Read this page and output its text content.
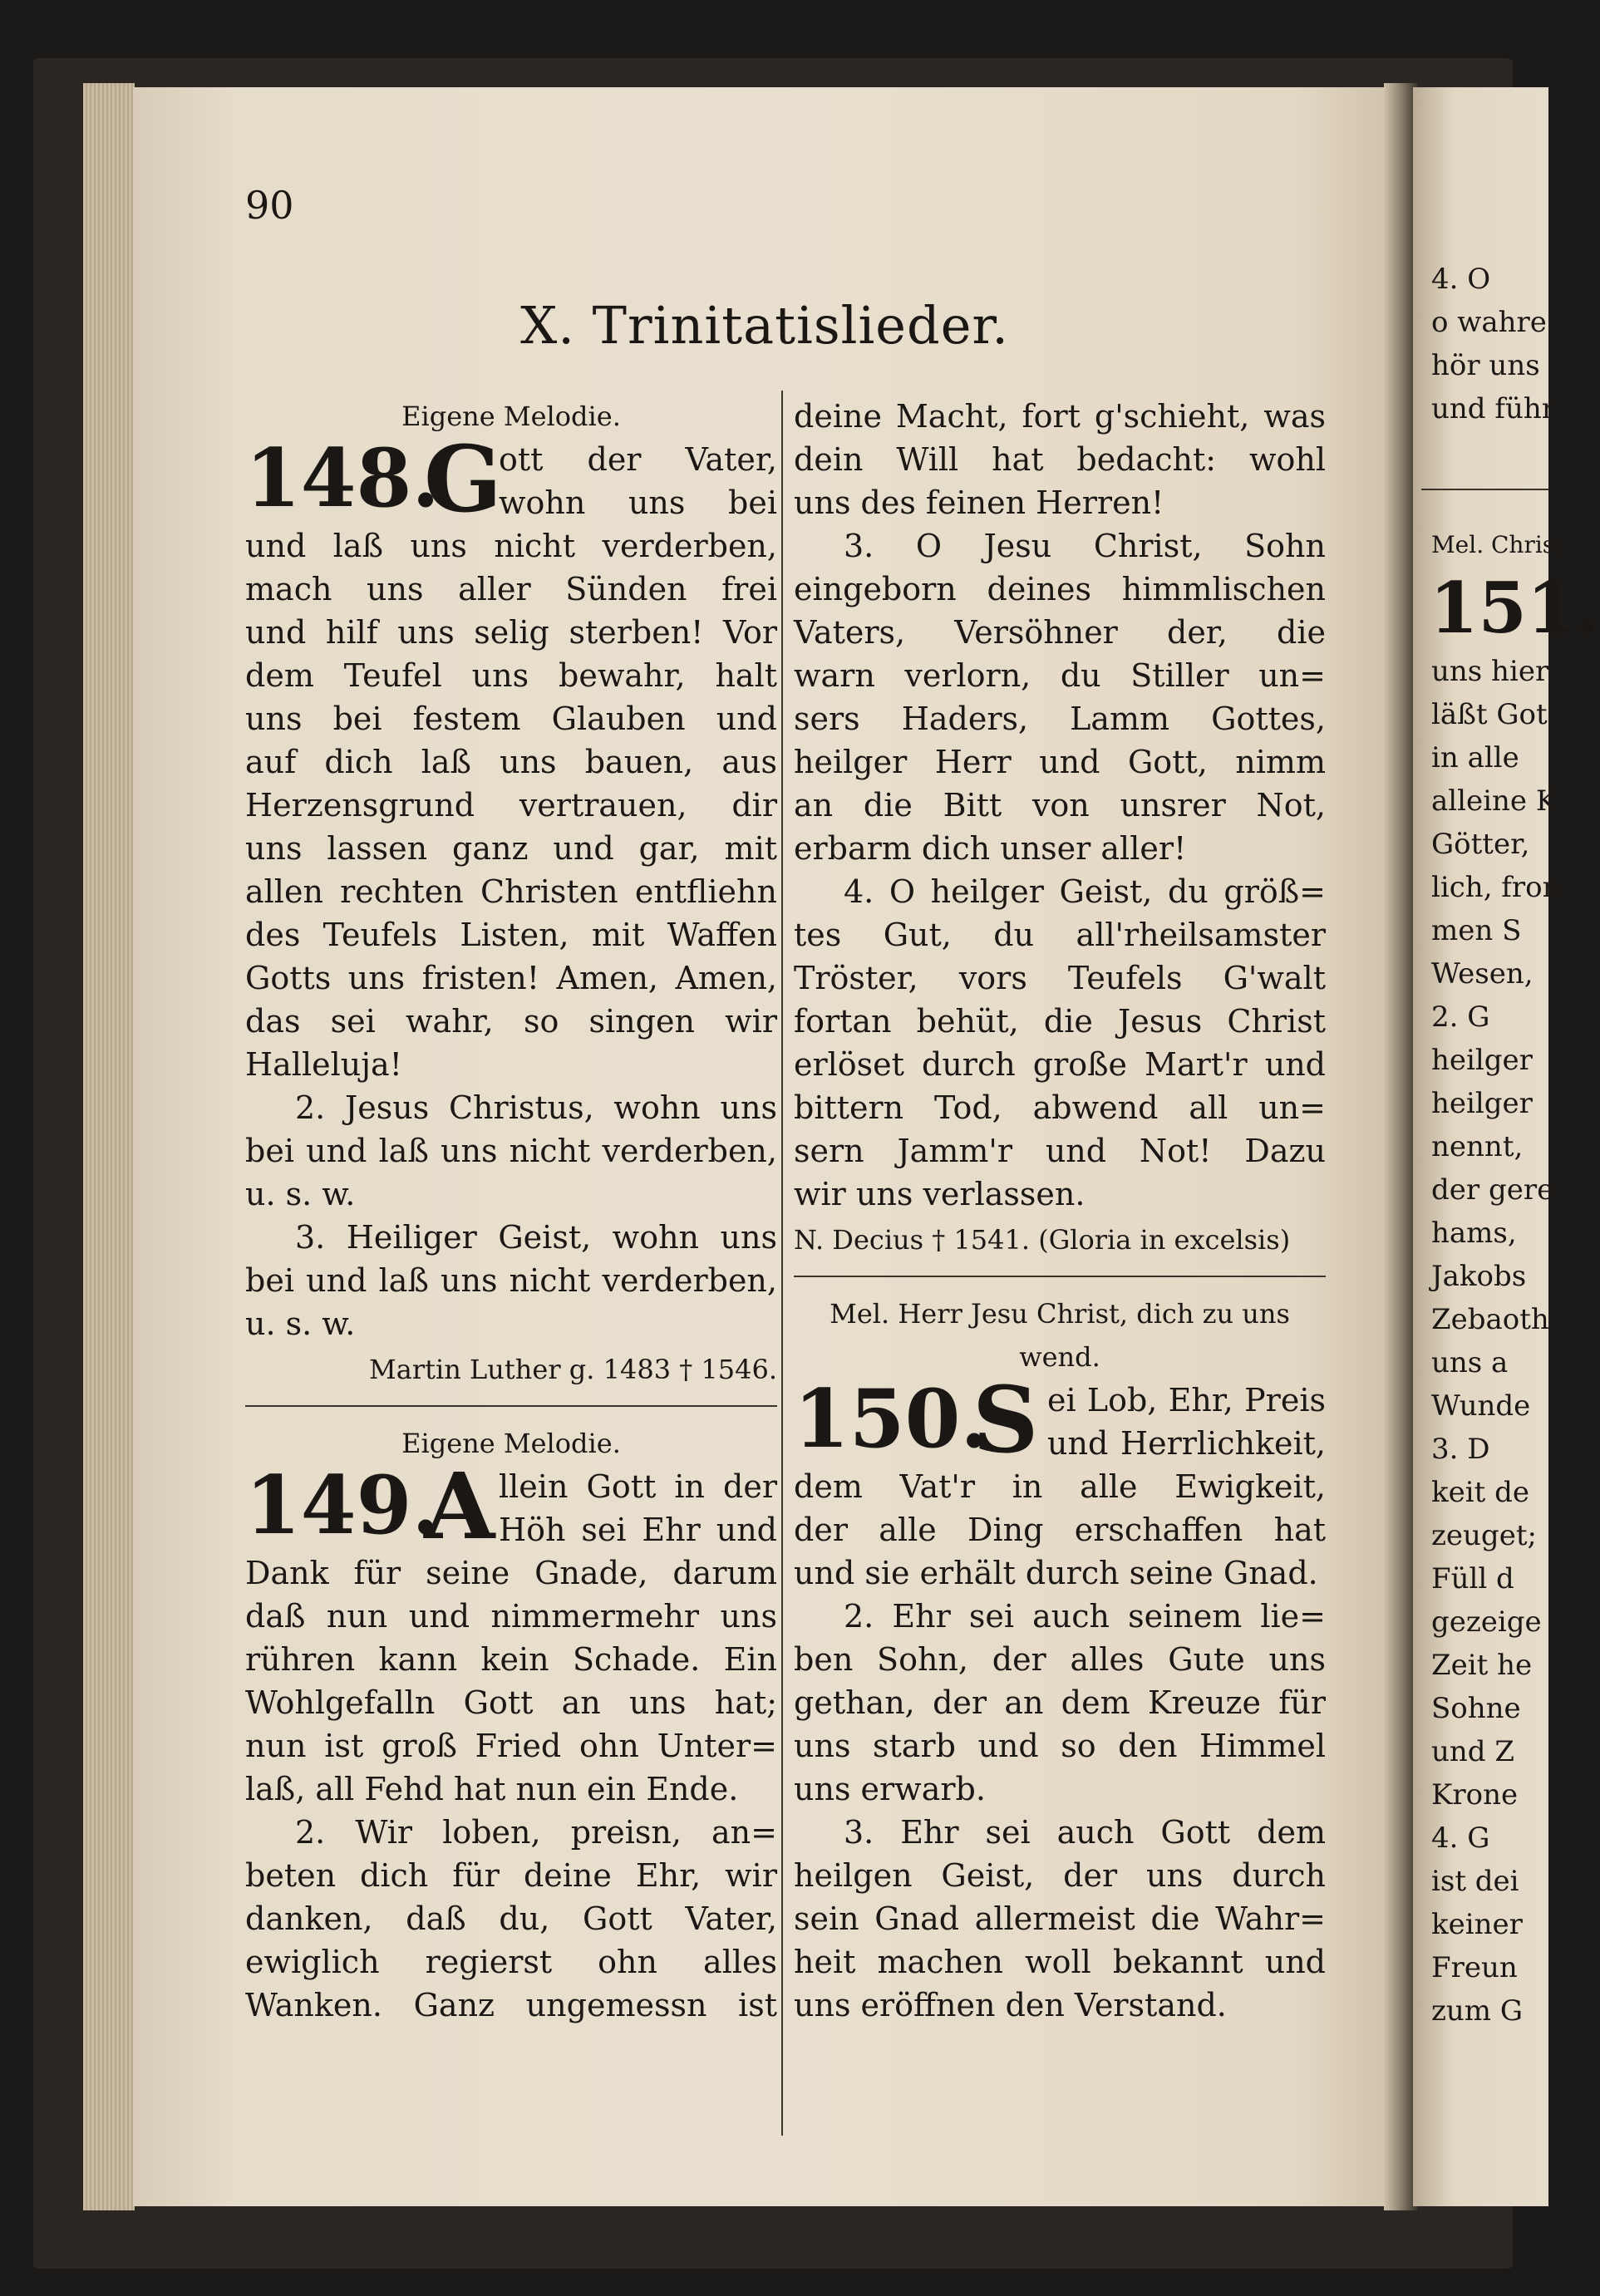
90
X. Trinitatislieder.
Eigene Melodie.
148.
G
ott der Vater,
wohn uns bei
und laß uns nicht verderben,
mach uns aller Sünden frei
und hilf uns selig sterben! Vor
dem Teufel uns bewahr, halt
uns bei festem Glauben und
auf dich laß uns bauen, aus
Herzensgrund vertrauen, dir
uns lassen ganz und gar, mit
allen rechten Christen entfliehn
des Teufels Listen, mit Waffen
Gotts uns fristen! Amen, Amen,
das sei wahr, so singen wir
Halleluja!
2. Jesus Christus, wohn uns
bei und laß uns nicht verderben,
u. s. w.
3. Heiliger Geist, wohn uns
bei und laß uns nicht verderben,
u. s. w.
Martin Luther g. 1483 † 1546.
Eigene Melodie.
149.
A llein Gott in der
Höh sei Ehr und
Dank für seine Gnade, darum
daß nun und nimmermehr uns
rühren kann kein Schade. Ein
Wohlgefalln Gott an uns hat;
nun ist groß Fried ohn Unter=
laß, all Fehd hat nun ein Ende.
2. Wir loben, preisn, an=
beten dich für deine Ehr, wir
danken, daß du, Gott Vater,
ewiglich regierst ohn alles
Wanken. Ganz ungemessn ist
deine Macht, fort g'schieht, was
dein Will hat bedacht: wohl
uns des feinen Herren!
3. O Jesu Christ, Sohn
eingeborn deines himmlischen
Vaters, Versöhner der, die
warn verlorn, du Stiller un=
sers Haders, Lamm Gottes,
heilger Herr und Gott, nimm
an die Bitt von unsrer Not,
erbarm dich unser aller!
4. O heilger Geist, du größ=
tes Gut, du all'rheilsamster
Tröster, vors Teufels G'walt
fortan behüt, die Jesus Christ
erlöset durch große Mart'r und
bittern Tod, abwend all un=
sern Jamm'r und Not! Dazu
wir uns verlassen.
N. Decius † 1541. (Gloria in excelsis)
Mel. Herr Jesu Christ, dich zu uns
wend.
150.
S ei Lob, Ehr, Preis
und Herrlichkeit,
dem Vat'r in alle Ewigkeit,
der alle Ding erschaffen hat
und sie erhält durch seine Gnad.
2. Ehr sei auch seinem lie=
ben Sohn, der alles Gute uns
gethan, der an dem Kreuze für
uns starb und so den Himmel
uns erwarb.
3. Ehr sei auch Gott dem
heilgen Geist, der uns durch
sein Gnad allermeist die Wahr=
heit machen woll bekannt und
uns eröffnen den Verstand.
4. O
o wahre
hör uns
und führ
Mel. Christ
151.
uns hier
läßt Got
in alle
alleine K
Götter,
lich, fron
men S
Wesen,
2. G
heilger
heilger
nennt,
der gere
hams,
Jakobs
Zebaoth
uns a
Wunde
3. D
keit de
zeuget;
Füll d
gezeige
Zeit he
Sohne
und Z
Krone
4. G
ist dei
keiner
Freun
zum G
